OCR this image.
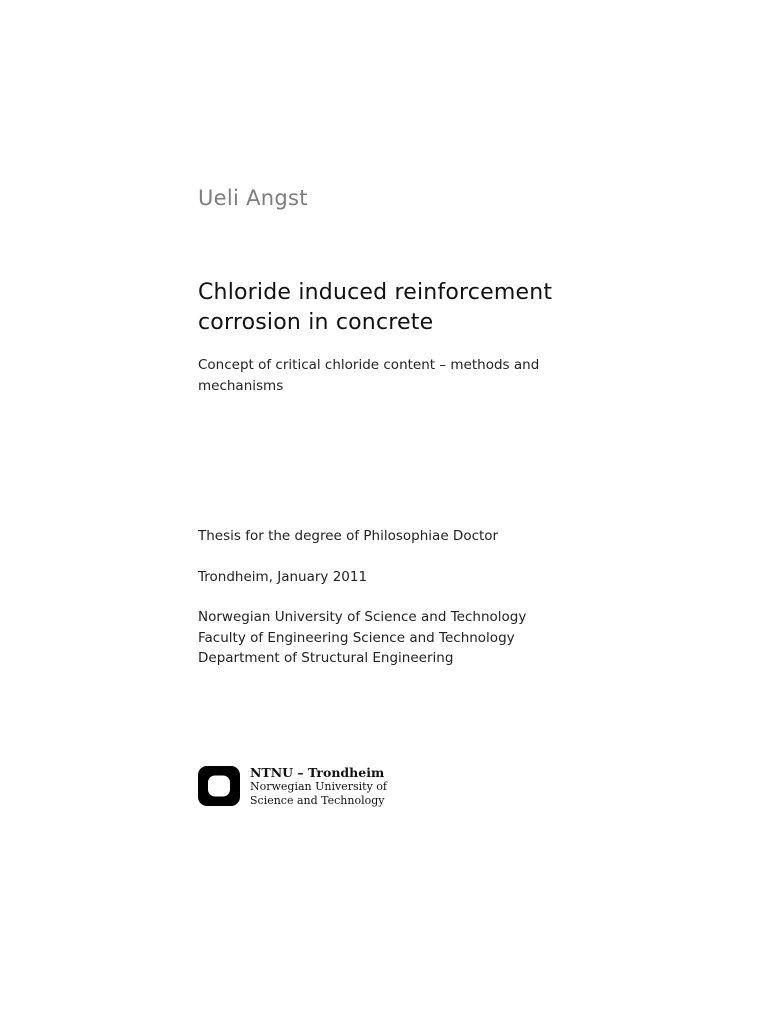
Ueli Angst
Chloride induced reinforcement
corrosion in concrete
Concept of critical chloride content – methods and
mechanisms
Thesis for the degree of Philosophiae Doctor
Trondheim, January 2011
Norwegian University of Science and Technology
Faculty of Engineering Science and Technology
Department of Structural Engineering
NTNU – Trondheim
Norwegian University of
Science and Technology
